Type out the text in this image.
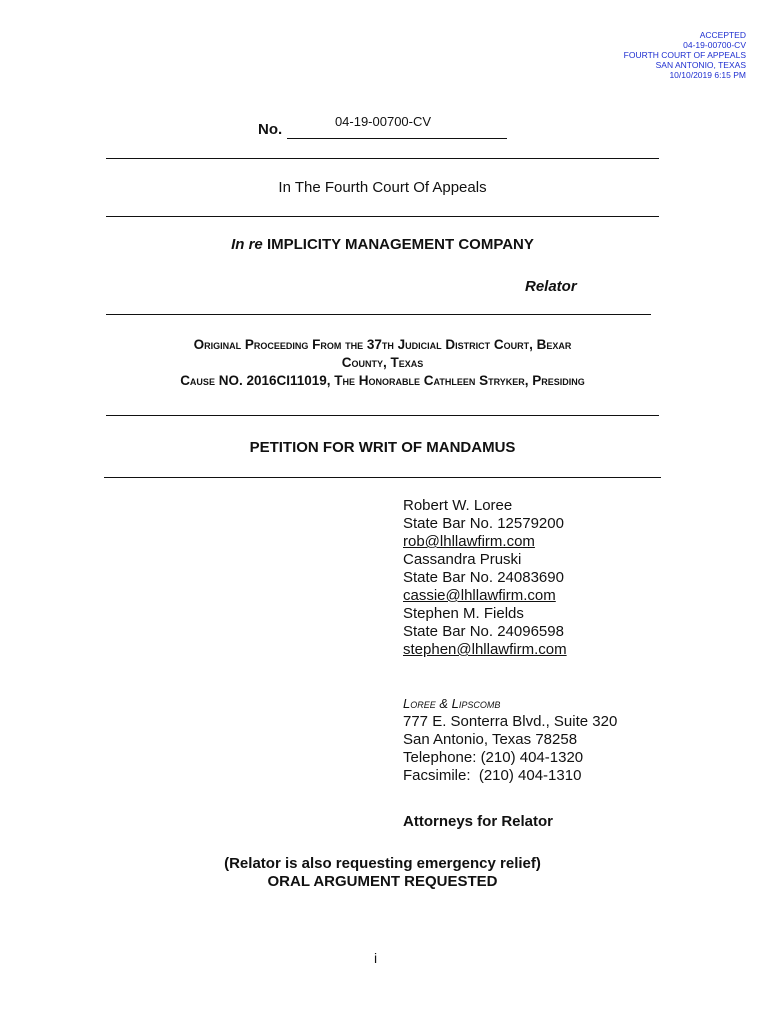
ACCEPTED
04-19-00700-CV
FOURTH COURT OF APPEALS
SAN ANTONIO, TEXAS
10/10/2019 6:15 PM
No.	04-19-00700-CV
In The Fourth Court Of Appeals
In re IMPLICITY MANAGEMENT COMPANY
Relator
Original Proceeding From the 37th Judicial District Court, Bexar
County, Texas
Cause NO. 2016CI11019, The Honorable Cathleen Stryker, Presiding
PETITION FOR WRIT OF MANDAMUS
Robert W. Loree
State Bar No. 12579200
rob@lhllawfirm.com
Cassandra Pruski
State Bar No. 24083690
cassie@lhllawfirm.com
Stephen M. Fields
State Bar No. 24096598
stephen@lhllawfirm.com
Loree & Lipscomb
777 E. Sonterra Blvd., Suite 320
San Antonio, Texas 78258
Telephone: (210) 404-1320
Facsimile:  (210) 404-1310
Attorneys for Relator
(Relator is also requesting emergency relief)
ORAL ARGUMENT REQUESTED
i
